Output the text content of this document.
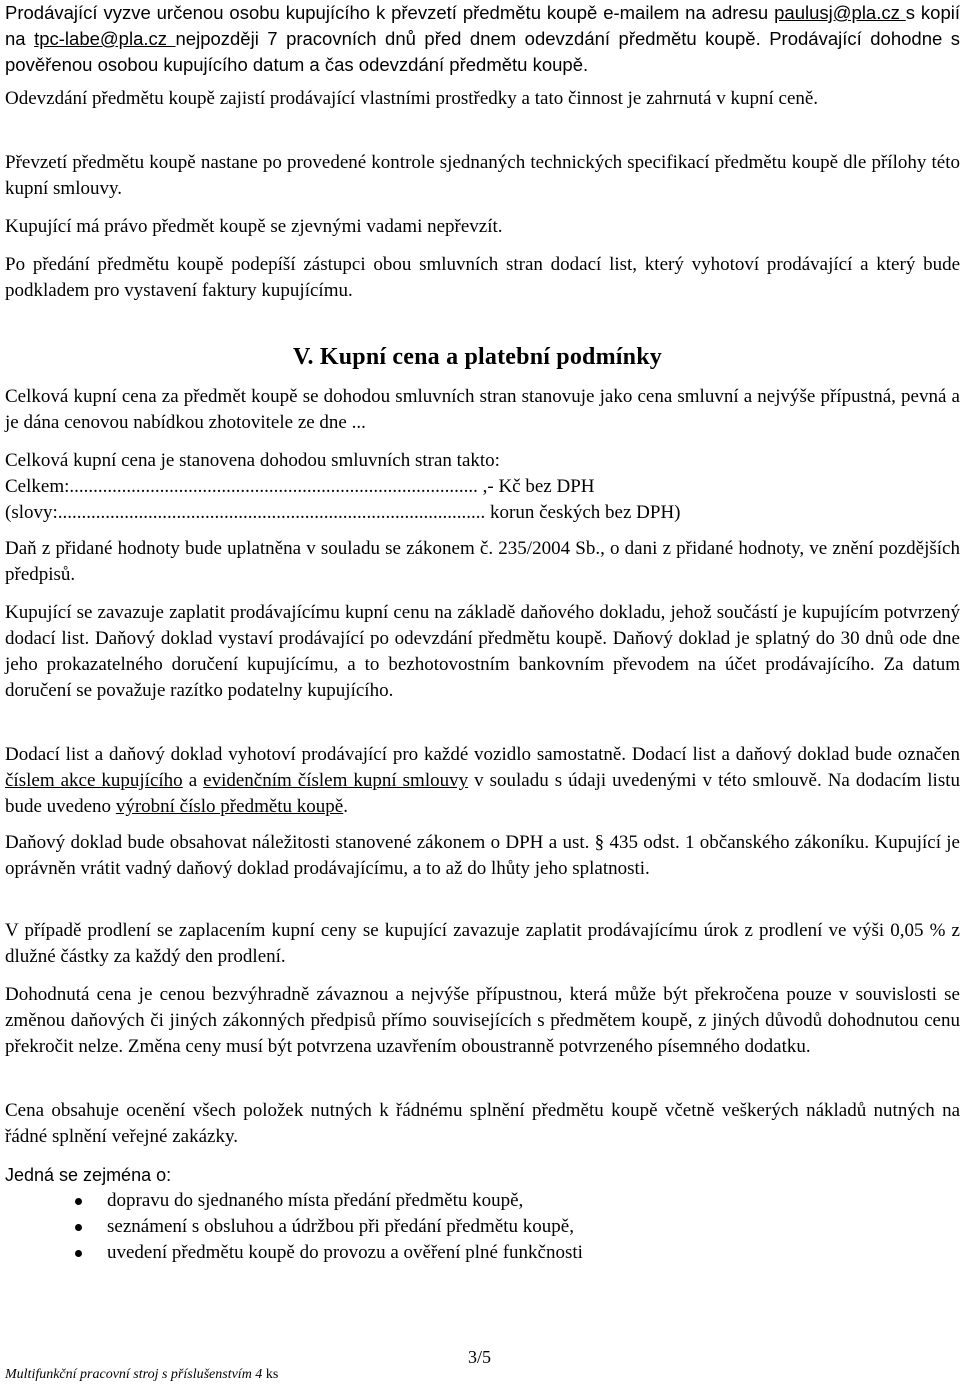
Prodávající vyzve určenou osobu kupujícího k převzetí předmětu koupě e-mailem na adresu paulusj@pla.cz s kopií na tpc-labe@pla.cz nejpozději 7 pracovních dnů před dnem odevzdání předmětu koupě. Prodávající dohodne s pověřenou osobou kupujícího datum a čas odevzdání předmětu koupě.

Odevzdání předmětu koupě zajistí prodávající vlastními prostředky a tato činnost je zahrnutá v kupní ceně.

Převzetí předmětu koupě nastane po provedené kontrole sjednaných technických specifikací předmětu koupě dle přílohy této kupní smlouvy.

Kupující má právo předmět koupě se zjevnými vadami nepřevzít.

Po předání předmětu koupě podepíší zástupci obou smluvních stran dodací list, který vyhotoví prodávající a který bude podkladem pro vystavení faktury kupujícímu.

V. Kupní cena a platební podmínky

Celková kupní cena za předmět koupě se dohodou smluvních stran stanovuje jako cena smluvní a nejvýše přípustná, pevná a je dána cenovou nabídkou zhotovitele ze dne ...

Celková kupní cena je stanovena dohodou smluvních stran takto:

Celkem:...................................................................................... ,- Kč bez DPH

(slovy:.......................................................................................... korun českých bez DPH)

Daň z přidané hodnoty bude uplatněna v souladu se zákonem č. 235/2004 Sb., o dani z přidané hodnoty, ve znění pozdějších předpisů.

Kupující se zavazuje zaplatit prodávajícímu kupní cenu na základě daňového dokladu, jehož součástí je kupujícím potvrzený dodací list. Daňový doklad vystaví prodávající po odevzdání předmětu koupě. Daňový doklad je splatný do 30 dnů ode dne jeho prokazatelného doručení kupujícímu, a to bezhotovostním bankovním převodem na účet prodávajícího. Za datum doručení se považuje razítko podatelny kupujícího.

Dodací list a daňový doklad vyhotoví prodávající pro každé vozidlo samostatně. Dodací list a daňový doklad bude označen číslem akce kupujícího a evidenčním číslem kupní smlouvy v souladu s údaji uvedenými v této smlouvě. Na dodacím listu bude uvedeno výrobní číslo předmětu koupě.

Daňový doklad bude obsahovat náležitosti stanovené zákonem o DPH a ust. § 435 odst. 1 občanského zákoníku. Kupující je oprávněn vrátit vadný daňový doklad prodávajícímu, a to až do lhůty jeho splatnosti.

V případě prodlení se zaplacením kupní ceny se kupující zavazuje zaplatit prodávajícímu úrok z prodlení ve výši 0,05 % z dlužné částky za každý den prodlení.

Dohodnutá cena je cenou bezvýhradně závaznou a nejvýše přípustnou, která může být překročena pouze v souvislosti se změnou daňových či jiných zákonných předpisů přímo souvisejících s předmětem koupě, z jiných důvodů dohodnutou cenu překročit nelze. Změna ceny musí být potvrzena uzavřením oboustranně potvrzeného písemného dodatku.

Cena obsahuje ocenění všech položek nutných k řádnému splnění předmětu koupě včetně veškerých nákladů nutných na řádné splnění veřejné zakázky.

Jedná se zejména o:

dopravu do sjednaného místa předání předmětu koupě,
seznámení s obsluhou a údržbou při předání předmětu koupě,
uvedení předmětu koupě do provozu a ověření plné funkčnosti
3/5
Multifunkční pracovní stroj s příslušenstvím 4 ks
